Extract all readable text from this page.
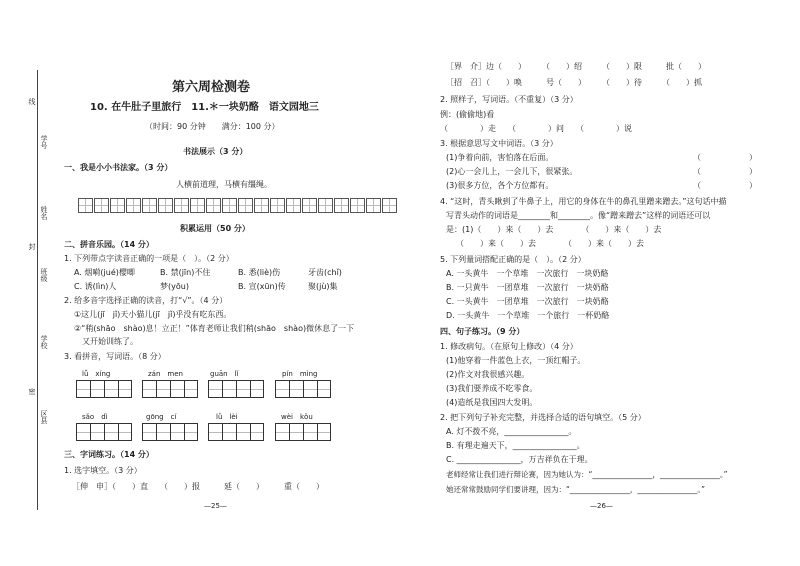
线
封
密
学号
姓名
班级
学校
区县
第六周检测卷
10. 在牛肚子里旅行　11.＊一块奶酪　语文园地三
（时间：90 分钟　　满分：100 分）
书法展示（3 分）
一、我是小小书法家。（3 分）
人横前道理，马横有缰绳。
积累运用（50 分）
二、拼音乐园。（14 分）
1. 下列带点字读音正确的一项是（　）。（2 分）
A. 烟嗬(jué)樱唧	B. 禁(jīn)不住	B. 悉(liè)伤	牙齿(chǐ)
C. 诱(lìn)人	梦(yōu)	B. 宣(xūn)传	聚(jù)集
2. 给多音字选择正确的读音，打“√”。（4 分）
①这儿(jī　jǐ)天小猫儿(jī　jǐ)乎没有吃东西。
②“稍(shāo　shào)息！立正！”体育老师让我们稍(shāo　shào)微休息了一下
又开始训练了。
3. 看拼音，写词语。（8 分）
lǚ　xíng	zán　men	guān　lǐ	pín　mìng
sǎo　dì	gōng　cí	lǜ　lèi	wèi　kǒu
三、字词练习。（14 分）
1. 选字填空。（3 分）
［伸　申］（　　）直　　（　　）报　　　延（　　）　　　重（　　）
—25—
［界　介］边（　　）　　　（　　）绍　　　（　　）限　　　批（　　）
［招　召］（　　）唤　　　号（　　）　　　（　　）待　　　（　　）抓
2. 照样子，写词语。（不重复）（3 分）
例：(偷偷地)看
（　　　　）走　　（　　　　）问　　（　　　　）说
3. 根据意思写文中词语。（3 分）
(1)争着向前，害怕落在后面。	（　　　　　　）
(2)心一会儿上，一会儿下，很紧张。	（　　　　　　）
(3)很多方位，各个方位都有。	（　　　　　　）
4. “这时，青头瞅到了牛鼻子上，用它的身体在牛的鼻孔里蹭来蹭去。”这句话中描
写青头动作的词语是________和________。像“蹭来蹭去”这样的词语还可以
是：(1)（　　）来（　　）去　　　　（　　）来（　　）去
（　　）来（　　）去　　　　（　　）来（　　）去
5. 下列量词搭配正确的是（　）。（2 分）
A. 一头黄牛　一个草堆　一次旅行　一块奶酪
B. 一只黄牛　一团草堆　一次旅行　一块奶酪
C. 一头黄牛　一团草堆　一次旅行　一块奶酪
D. 一头黄牛　一个草堆　一个旅行　一杯奶酪
四、句子练习。（9 分）
1. 修改病句。（在原句上修改）（4 分）
(1)他穿着一件蓝色上衣，一顶红帽子。
(2)作文对我很感兴趣。
(3)我们要养成不吃零食。
(4)造纸是我国四大发明。
2. 把下列句子补充完整，并选择合适的语句填空。（5 分）
A. 灯不拨不亮，________________。
B. 有理走遍天下，________________。
C. ________________，万吉祥负在于理。
老师经常让我们进行辩论赛，因为她认为：“________________，________________。”
她还常常鼓励同学们要讲理，因为：“________________，________________。”
—26—
